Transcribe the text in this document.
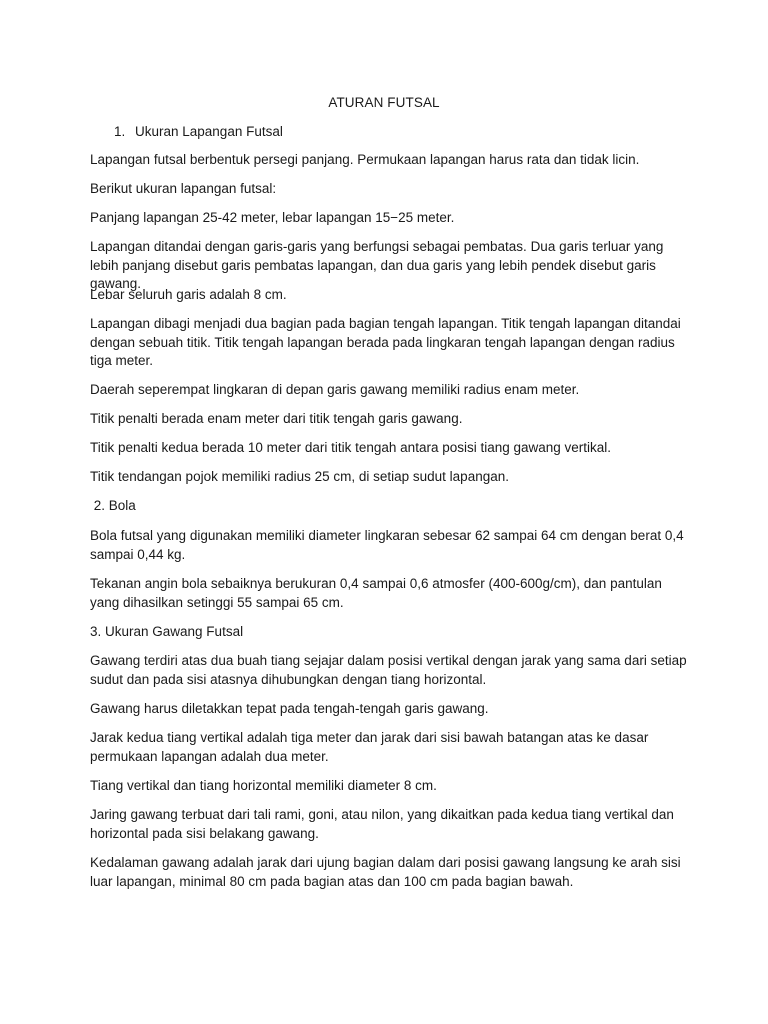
ATURAN FUTSAL
1. Ukuran Lapangan Futsal

Lapangan futsal berbentuk persegi panjang. Permukaan lapangan harus rata dan tidak licin.

Berikut ukuran lapangan futsal:

Panjang lapangan 25-42 meter, lebar lapangan 15−25 meter.

Lapangan ditandai dengan garis-garis yang berfungsi sebagai pembatas. Dua garis terluar yang lebih panjang disebut garis pembatas lapangan, dan dua garis yang lebih pendek disebut garis gawang.

Lebar seluruh garis adalah 8 cm.

Lapangan dibagi menjadi dua bagian pada bagian tengah lapangan. Titik tengah lapangan ditandai dengan sebuah titik. Titik tengah lapangan berada pada lingkaran tengah lapangan dengan radius tiga meter.

Daerah seperempat lingkaran di depan garis gawang memiliki radius enam meter.

Titik penalti berada enam meter dari titik tengah garis gawang.

Titik penalti kedua berada 10 meter dari titik tengah antara posisi tiang gawang vertikal.

Titik tendangan pojok memiliki radius 25 cm, di setiap sudut lapangan.

2. Bola

Bola futsal yang digunakan memiliki diameter lingkaran sebesar 62 sampai 64 cm dengan berat 0,4 sampai 0,44 kg.

Tekanan angin bola sebaiknya berukuran 0,4 sampai 0,6 atmosfer (400-600g/cm), dan pantulan yang dihasilkan setinggi 55 sampai 65 cm.

3. Ukuran Gawang Futsal

Gawang terdiri atas dua buah tiang sejajar dalam posisi vertikal dengan jarak yang sama dari setiap sudut dan pada sisi atasnya dihubungkan dengan tiang horizontal.

Gawang harus diletakkan tepat pada tengah-tengah garis gawang.

Jarak kedua tiang vertikal adalah tiga meter dan jarak dari sisi bawah batangan atas ke dasar permukaan lapangan adalah dua meter.

Tiang vertikal dan tiang horizontal memiliki diameter 8 cm.

Jaring gawang terbuat dari tali rami, goni, atau nilon, yang dikaitkan pada kedua tiang vertikal dan horizontal pada sisi belakang gawang.

Kedalaman gawang adalah jarak dari ujung bagian dalam dari posisi gawang langsung ke arah sisi luar lapangan, minimal 80 cm pada bagian atas dan 100 cm pada bagian bawah.
